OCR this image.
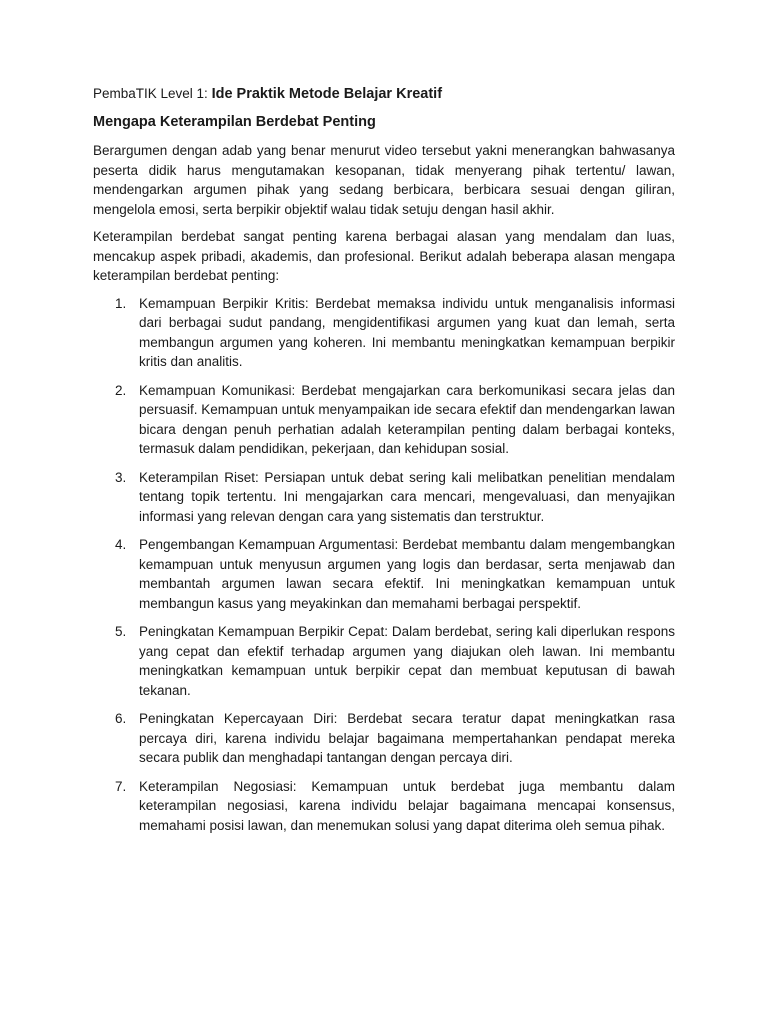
PembaTIK Level 1: Ide Praktik Metode Belajar Kreatif
Mengapa Keterampilan Berdebat Penting

Berargumen dengan adab yang benar menurut video tersebut yakni menerangkan bahwasanya peserta didik harus mengutamakan kesopanan, tidak menyerang pihak tertentu/ lawan, mendengarkan argumen pihak yang sedang berbicara, berbicara sesuai dengan giliran, mengelola emosi, serta berpikir objektif walau tidak setuju dengan hasil akhir.

Keterampilan berdebat sangat penting karena berbagai alasan yang mendalam dan luas, mencakup aspek pribadi, akademis, dan profesional. Berikut adalah beberapa alasan mengapa keterampilan berdebat penting:

1. Kemampuan Berpikir Kritis: Berdebat memaksa individu untuk menganalisis informasi dari berbagai sudut pandang, mengidentifikasi argumen yang kuat dan lemah, serta membangun argumen yang koheren. Ini membantu meningkatkan kemampuan berpikir kritis dan analitis.
2. Kemampuan Komunikasi: Berdebat mengajarkan cara berkomunikasi secara jelas dan persuasif. Kemampuan untuk menyampaikan ide secara efektif dan mendengarkan lawan bicara dengan penuh perhatian adalah keterampilan penting dalam berbagai konteks, termasuk dalam pendidikan, pekerjaan, dan kehidupan sosial.
3. Keterampilan Riset: Persiapan untuk debat sering kali melibatkan penelitian mendalam tentang topik tertentu. Ini mengajarkan cara mencari, mengevaluasi, dan menyajikan informasi yang relevan dengan cara yang sistematis dan terstruktur.
4. Pengembangan Kemampuan Argumentasi: Berdebat membantu dalam mengembangkan kemampuan untuk menyusun argumen yang logis dan berdasar, serta menjawab dan membantah argumen lawan secara efektif. Ini meningkatkan kemampuan untuk membangun kasus yang meyakinkan dan memahami berbagai perspektif.
5. Peningkatan Kemampuan Berpikir Cepat: Dalam berdebat, sering kali diperlukan respons yang cepat dan efektif terhadap argumen yang diajukan oleh lawan. Ini membantu meningkatkan kemampuan untuk berpikir cepat dan membuat keputusan di bawah tekanan.
6. Peningkatan Kepercayaan Diri: Berdebat secara teratur dapat meningkatkan rasa percaya diri, karena individu belajar bagaimana mempertahankan pendapat mereka secara publik dan menghadapi tantangan dengan percaya diri.
7. Keterampilan Negosiasi: Kemampuan untuk berdebat juga membantu dalam keterampilan negosiasi, karena individu belajar bagaimana mencapai konsensus, memahami posisi lawan, dan menemukan solusi yang dapat diterima oleh semua pihak.
